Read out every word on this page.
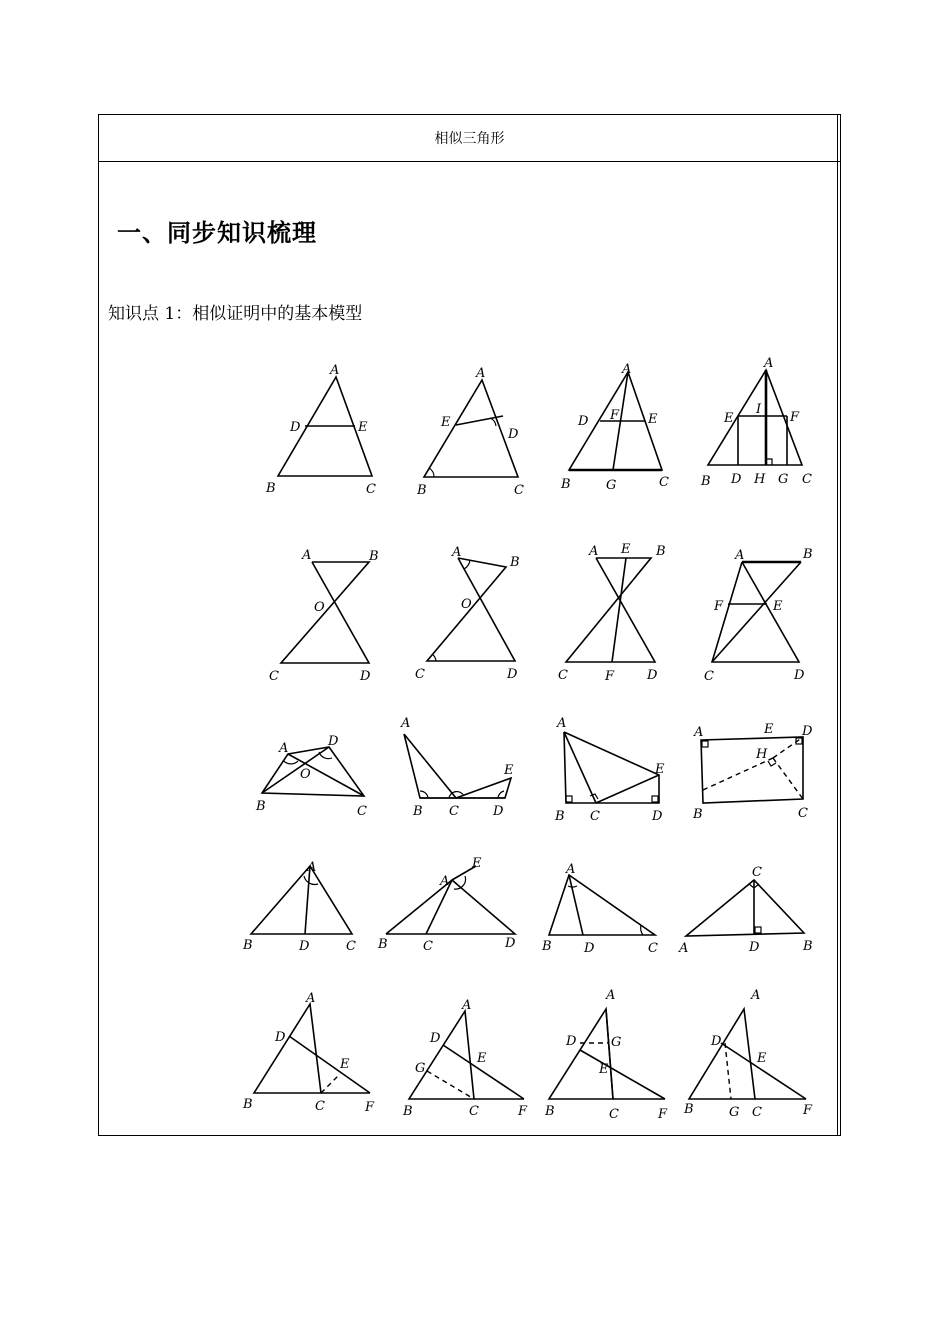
相似三角形
一、同步知识梳理
知识点 1：相似证明中的基本模型
A
D	E
B	C
A
E
D
B	C
A
D F E
B	G	C
A
E
I
F
B D H G C
A	B
O
C	D
A
B
O
C	D
A E B
C	F	D
A	B
F	E
C	D
A	D
O
B	C
A
E
B C	D
A
E
B C	D
A	E D
H
B	C
A
B	D	C
E
A
B	C	D
A
B D	C
C
A	D	B
A
D
E
B	C	F
A
D
E
G
B	C	F
A
D	G
E
B	C	F
A
D
E
B	G C	F
